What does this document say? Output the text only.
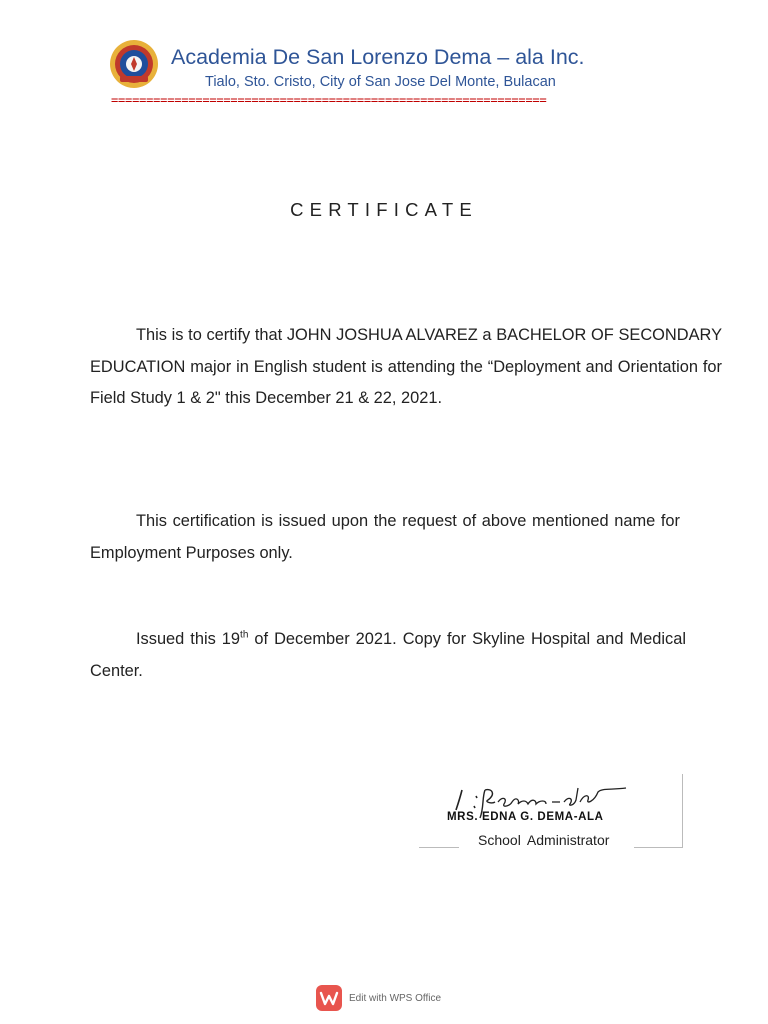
Academia De San Lorenzo Dema – ala Inc.
Tialo, Sto. Cristo, City of San Jose Del Monte, Bulacan
==============================================================
CERTIFICATE
This is to certify that JOHN JOSHUA ALVAREZ a BACHELOR OF SECONDARY EDUCATION major in English student is attending the “Deployment and Orientation for Field Study 1 & 2" this December 21 & 22, 2021.
This certification is issued upon the request of above mentioned name for Employment Purposes only.
Issued this 19th of December 2021. Copy for Skyline Hospital and Medical Center.
MRS. EDNA G. DEMA-ALA
School Administrator
Edit with WPS Office
